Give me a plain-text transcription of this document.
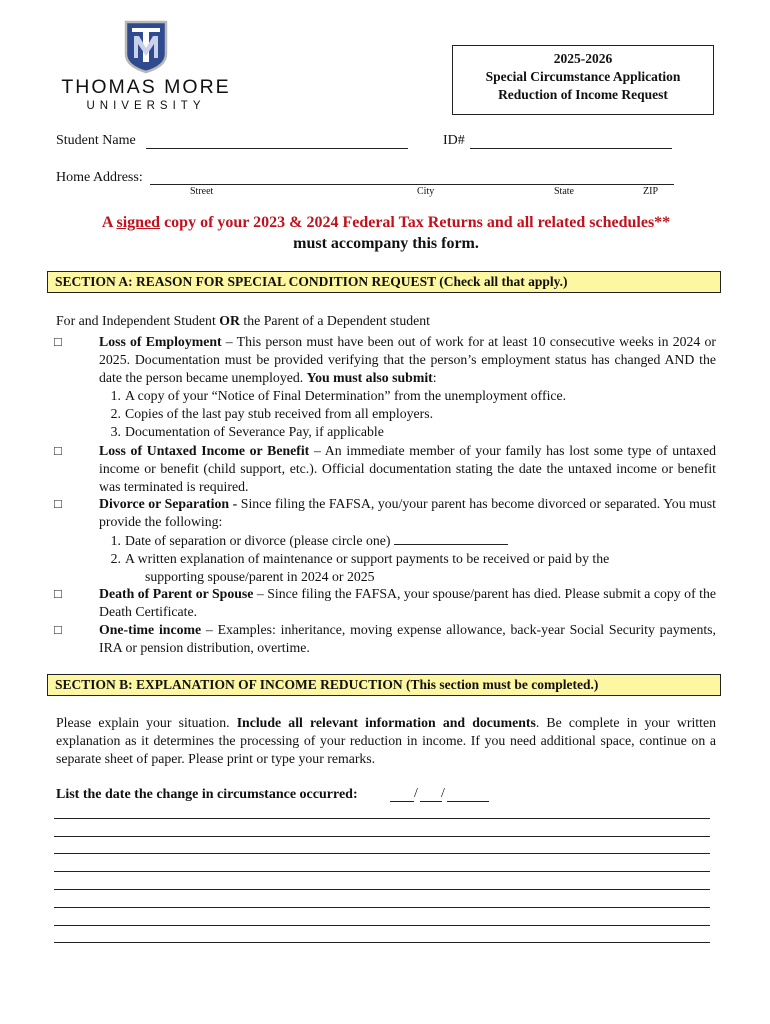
THOMAS MORE
UNIVERSITY
2025-2026
Special Circumstance Application
Reduction of Income Request
Student Name	ID#
Home Address:
Street	City	State	ZIP
A signed copy of your 2023 & 2024 Federal Tax Returns and all related schedules**
must accompany this form.
SECTION A: REASON FOR SPECIAL CONDITION REQUEST (Check all that apply.)
For and Independent Student OR the Parent of a Dependent student
□	Loss of Employment – This person must have been out of work for at least 10 consecutive weeks in 2024 or 2025. Documentation must be provided verifying that the person’s employment status has changed AND the date the person became unemployed. You must also submit:
1. A copy of your “Notice of Final Determination” from the unemployment office.
2. Copies of the last pay stub received from all employers.
3. Documentation of Severance Pay, if applicable
□	Loss of Untaxed Income or Benefit – An immediate member of your family has lost some type of untaxed income or benefit (child support, etc.). Official documentation stating the date the untaxed income or benefit was terminated is required.
□	Divorce or Separation - Since filing the FAFSA, you/your parent has become divorced or separated. You must provide the following:
1. Date of separation or divorce (please circle one)
2. A written explanation of maintenance or support payments to be received or paid by the
supporting spouse/parent in 2024 or 2025
□	Death of Parent or Spouse – Since filing the FAFSA, your spouse/parent has died. Please submit a copy of the Death Certificate.
□	One-time income – Examples: inheritance, moving expense allowance, back-year Social Security payments, IRA or pension distribution, overtime.
SECTION B: EXPLANATION OF INCOME REDUCTION (This section must be completed.)
Please explain your situation. Include all relevant information and documents. Be complete in your written explanation as it determines the processing of your reduction in income. If you need additional space, continue on a separate sheet of paper. Please print or type your remarks.
List the date the change in circumstance occurred:	/ /
